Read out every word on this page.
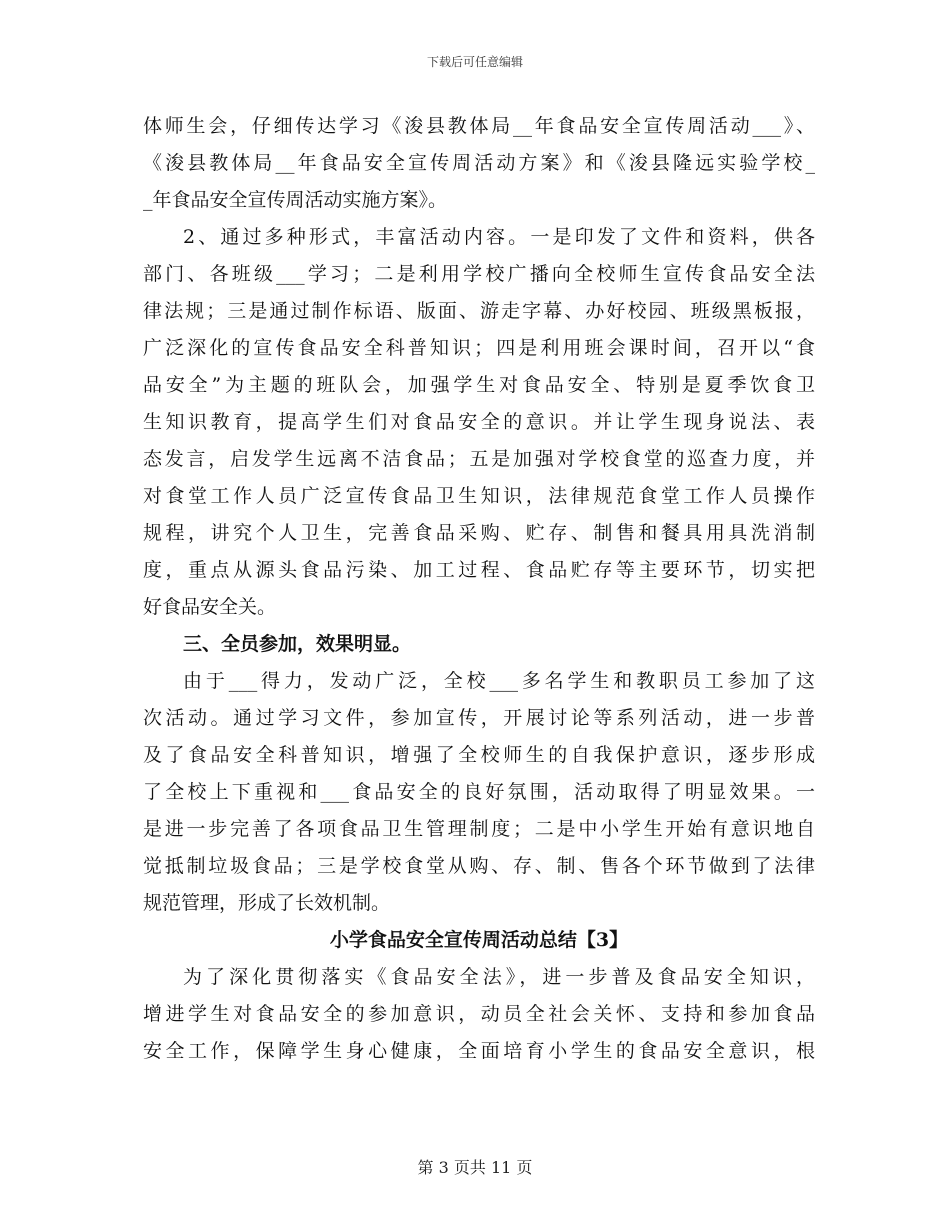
下载后可任意编辑
体师生会，仔细传达学习《浚县教体局__年食品安全宣传周活动___》、
《浚县教体局__年食品安全宣传周活动方案》和《浚县隆远实验学校_
_年食品安全宣传周活动实施方案》。
2、通过多种形式，丰富活动内容。一是印发了文件和资料，供各
部门、各班级___学习；二是利用学校广播向全校师生宣传食品安全法
律法规；三是通过制作标语、版面、游走字幕、办好校园、班级黑板报，
广泛深化的宣传食品安全科普知识；四是利用班会课时间，召开以“食
品安全”为主题的班队会，加强学生对食品安全、特别是夏季饮食卫
生知识教育，提高学生们对食品安全的意识。并让学生现身说法、表
态发言，启发学生远离不洁食品；五是加强对学校食堂的巡查力度，并
对食堂工作人员广泛宣传食品卫生知识，法律规范食堂工作人员操作
规程，讲究个人卫生，完善食品采购、贮存、制售和餐具用具洗消制
度，重点从源头食品污染、加工过程、食品贮存等主要环节，切实把
好食品安全关。
三、全员参加，效果明显。
由于___得力，发动广泛，全校___多名学生和教职员工参加了这
次活动。通过学习文件，参加宣传，开展讨论等系列活动，进一步普
及了食品安全科普知识，增强了全校师生的自我保护意识，逐步形成
了全校上下重视和___食品安全的良好氛围，活动取得了明显效果。一
是进一步完善了各项食品卫生管理制度；二是中小学生开始有意识地自
觉抵制垃圾食品；三是学校食堂从购、存、制、售各个环节做到了法律
规范管理，形成了长效机制。
小学食品安全宣传周活动总结【3】
为了深化贯彻落实《食品安全法》，进一步普及食品安全知识，
增进学生对食品安全的参加意识，动员全社会关怀、支持和参加食品
安全工作，保障学生身心健康，全面培育小学生的食品安全意识，根
第 3 页共 11 页
